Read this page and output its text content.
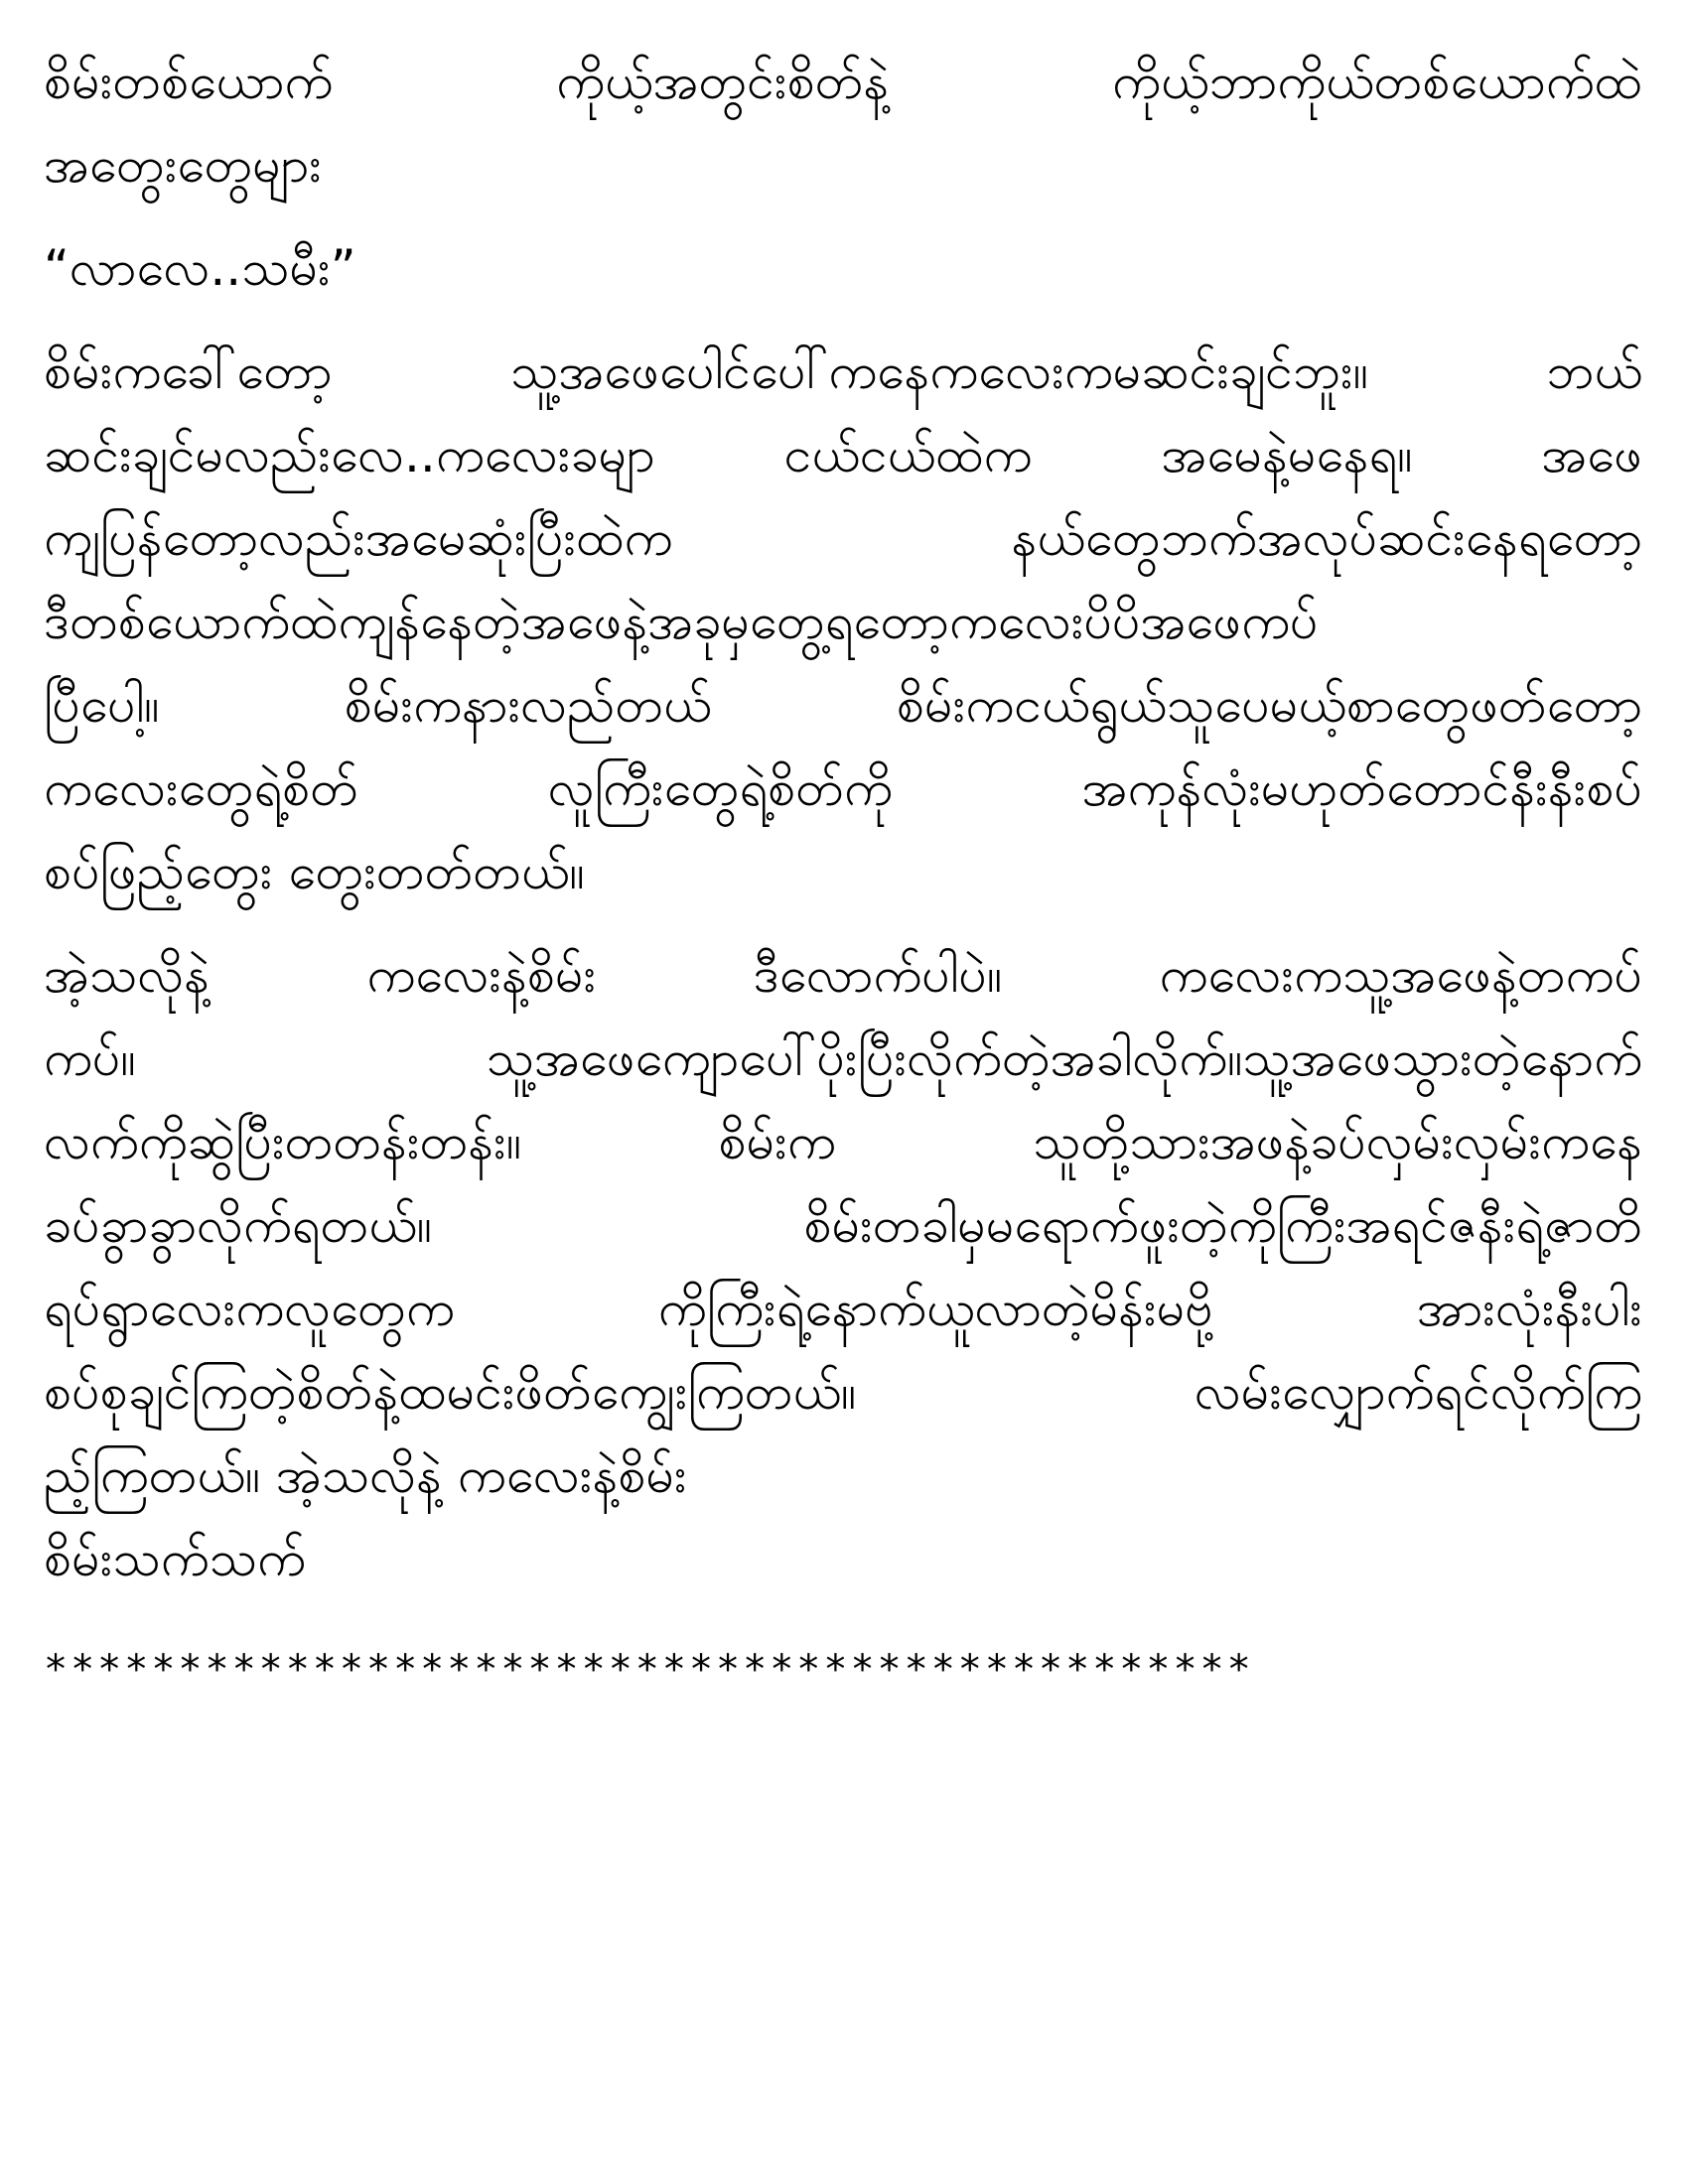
စိမ်းတစ်ယောက် ကိုယ့်အတွင်းစိတ်နဲ့ ကိုယ့်ဘာကိုယ်တစ်ယောက်ထဲ
အတွေးတွေများ
“လာလေ..သမီး”
စိမ်းကခေါ်တော့ သူ့အဖေပေါင်ပေါ်ကနေကလေးကမဆင်းချင်ဘူး။ ဘယ်
ဆင်းချင်မလည်းလေ..ကလေးခမျာ ငယ်ငယ်ထဲက အမေနဲ့မနေရ။ အဖေ
ကျပြန်တော့လည်းအမေဆုံးပြီးထဲက နယ်တွေဘက်အလုပ်ဆင်းနေရတော့
ဒီတစ်ယောက်ထဲကျန်နေတဲ့အဖေနဲ့အခုမှတွေ့ရတော့ကလေးပိပိအဖေကပ်
ပြီပေါ့။ စိမ်းကနားလည်တယ် စိမ်းကငယ်ရွယ်သူပေမယ့်စာတွေဖတ်တော့
ကလေးတွေရဲ့စိတ် လူကြီးတွေရဲ့စိတ်ကို အကုန်လုံးမဟုတ်တောင်နီးနီးစပ်
စပ်ဖြည့်တွေး တွေးတတ်တယ်။
အဲ့သလိုနဲ့ ကလေးနဲ့စိမ်း ဒီလောက်ပါပဲ။ ကလေးကသူ့အဖေနဲ့တကပ်
ကပ်။ သူ့အဖေကျောပေါ်ပိုးပြီးလိုက်တဲ့အခါလိုက်။သူ့အဖေသွားတဲ့နောက်
လက်ကိုဆွဲပြီးတတန်းတန်း။ စိမ်းက သူတို့သားအဖနဲ့ခပ်လှမ်းလှမ်းကနေ
ခပ်ခွာခွာလိုက်ရတယ်။ စိမ်းတခါမှမရောက်ဖူးတဲ့ကိုကြီးအရင်ဇနီးရဲ့ဇာတိ
ရပ်ရွာလေးကလူတွေက ကိုကြီးရဲ့နောက်ယူလာတဲ့မိန်းမဗို့ အားလုံးနီးပါး
စပ်စုချင်ကြတဲ့စိတ်နဲ့ထမင်းဖိတ်ကျွေးကြတယ်။ လမ်းလျှောက်ရင်လိုက်ကြ
ည့်ကြတယ်။ အဲ့သလိုနဲ့ ကလေးနဲ့စိမ်း
စိမ်းသက်သက်
*********************************************
